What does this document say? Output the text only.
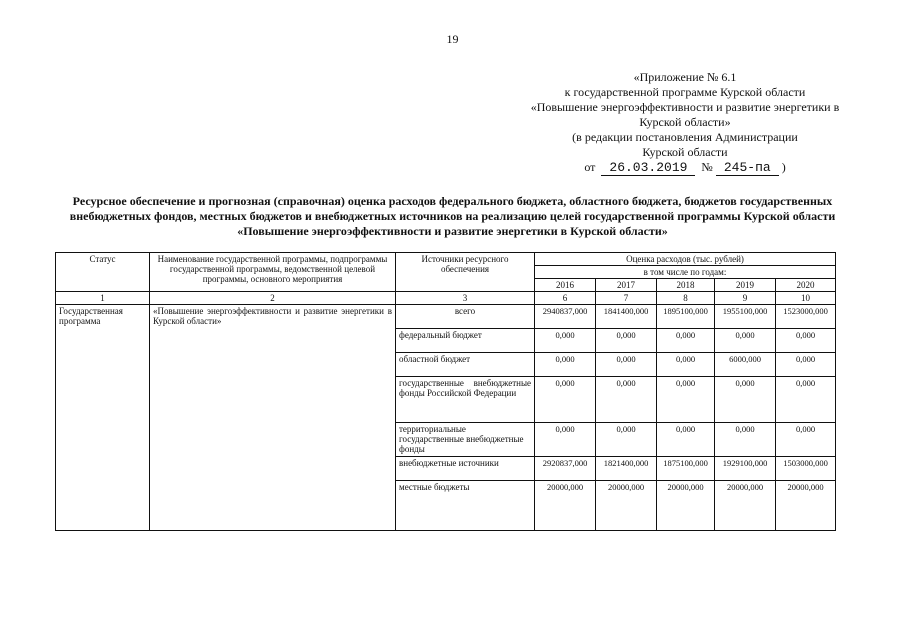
19
«Приложение № 6.1
к государственной программе Курской области
«Повышение энергоэффективности и развитие энергетики в
Курской области»
(в редакции постановления Администрации
Курской области
от 26.03.2019 № 245-па )
Ресурсное обеспечение и прогнозная (справочная) оценка расходов федерального бюджета, областного бюджета, бюджетов государственных внебюджетных фондов, местных бюджетов и внебюджетных источников на реализацию целей государственной программы Курской области «Повышение энергоэффективности и развитие энергетики в Курской области»
Статус	Наименование государственной программы, подпрограммы государственной программы, ведомственной целевой программы, основного мероприятия	Источники ресурсного обеспечения	Оценка расходов (тыс. рублей)				
			в том числе по годам:				
			2016	2017	2018	2019	2020
1	2	3	6	7	8	9	10
Государственная программа	«Повышение энергоэффективности и развитие энергетики в Курской области»	всего	2940837,000	1841400,000	1895100,000	1955100,000	1523000,000
		федеральный бюджет	0,000	0,000	0,000	0,000	0,000
		областной бюджет	0,000	0,000	0,000	6000,000	0,000
		государственные внебюджетные фонды Российской Федерации	0,000	0,000	0,000	0,000	0,000
		территориальные государственные внебюджетные фонды	0,000	0,000	0,000	0,000	0,000
		внебюджетные источники	2920837,000	1821400,000	1875100,000	1929100,000	1503000,000
		местные бюджеты	20000,000	20000,000	20000,000	20000,000	20000,000
